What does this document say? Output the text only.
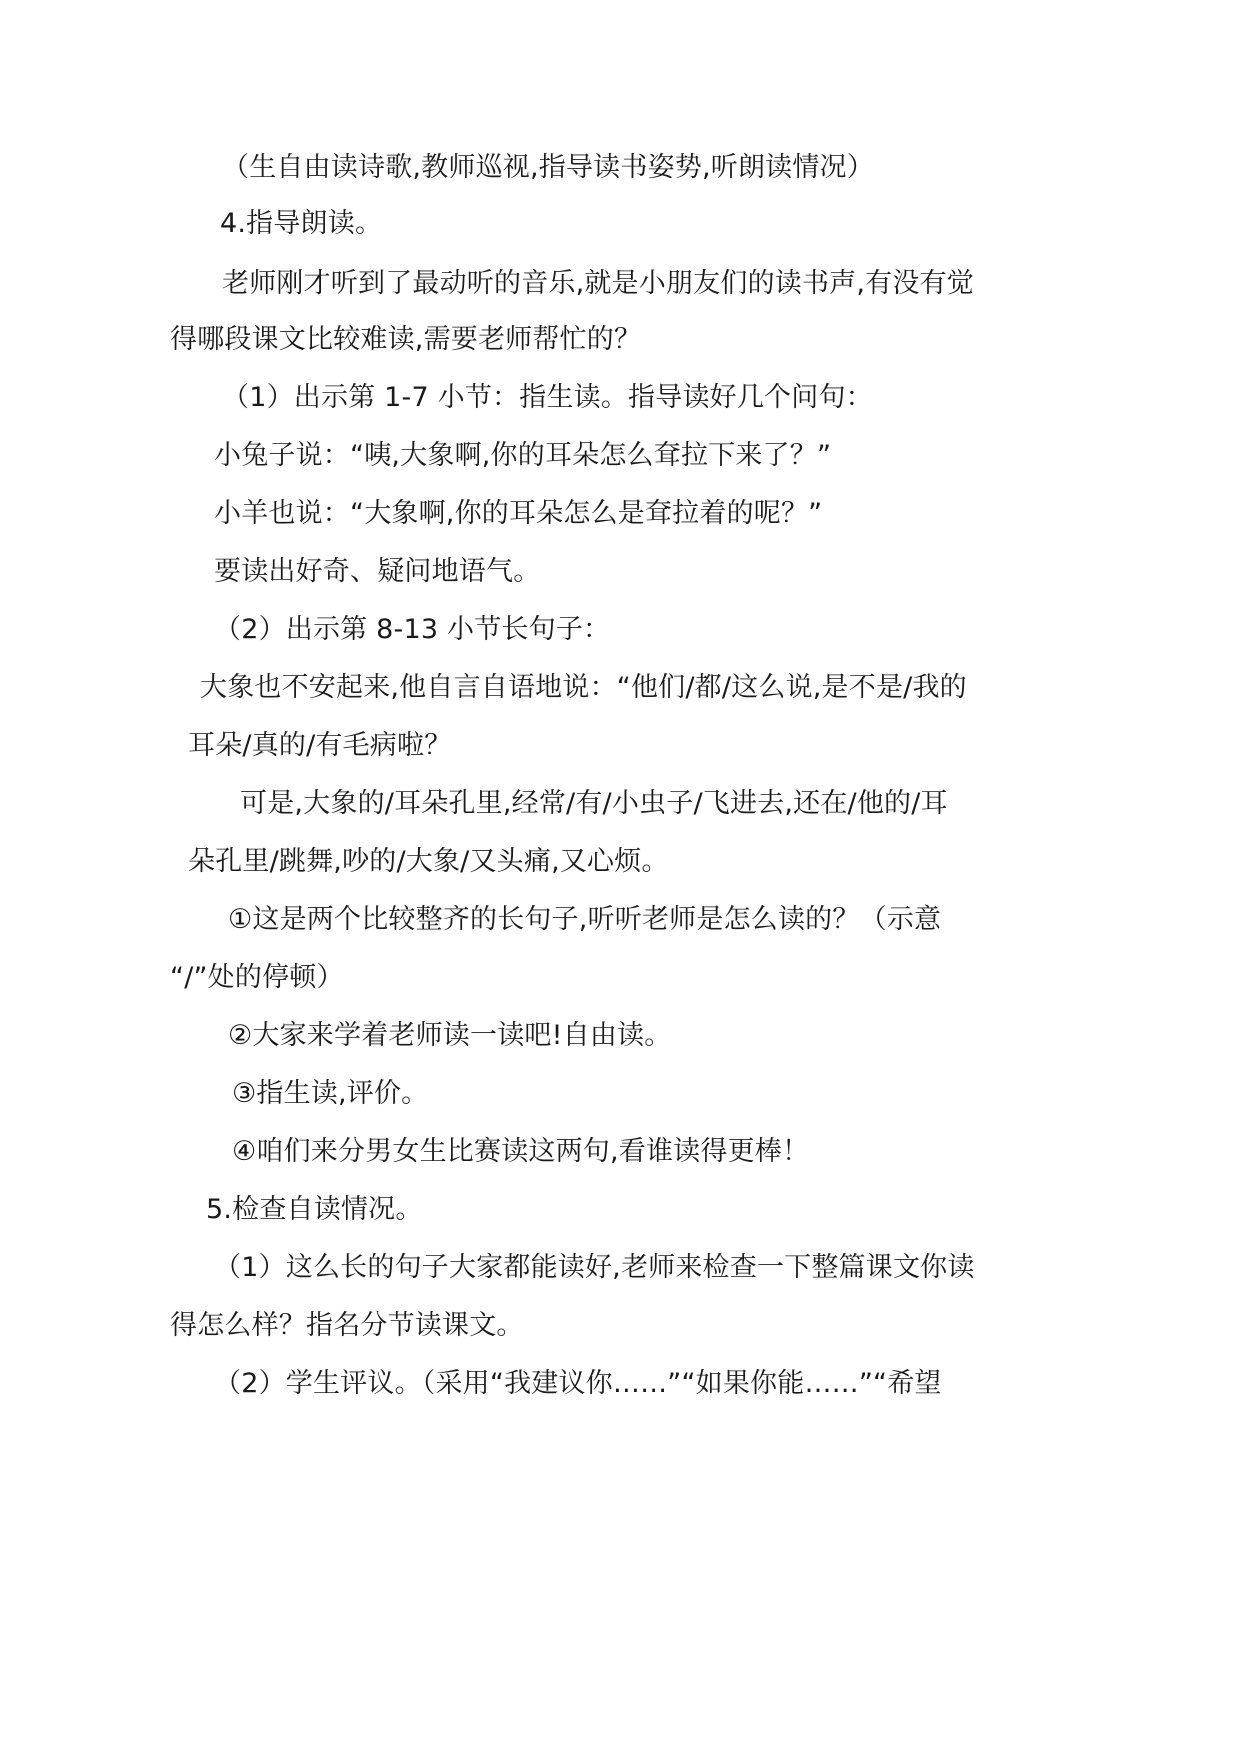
（生自由读诗歌,教师巡视,指导读书姿势,听朗读情况）

4.指导朗读。

老师刚才听到了最动听的音乐,就是小朋友们的读书声,有没有觉

得哪段课文比较难读,需要老师帮忙的？

（1）出示第 1-7 小节：指生读。指导读好几个问句：

小兔子说：“咦,大象啊,你的耳朵怎么耷拉下来了？”

小羊也说：“大象啊,你的耳朵怎么是耷拉着的呢？”

要读出好奇、疑问地语气。

（2）出示第 8-13 小节长句子：

大象也不安起来,他自言自语地说：“他们/都/这么说,是不是/我的

耳朵/真的/有毛病啦？

可是,大象的/耳朵孔里,经常/有/小虫子/飞进去,还在/他的/耳

朵孔里/跳舞,吵的/大象/又头痛,又心烦。

①这是两个比较整齐的长句子,听听老师是怎么读的？（示意

“/”处的停顿）

②大家来学着老师读一读吧!自由读。

③指生读,评价。

④咱们来分男女生比赛读这两句,看谁读得更棒！

5.检查自读情况。

（1）这么长的句子大家都能读好,老师来检查一下整篇课文你读

得怎么样？指名分节读课文。

（2）学生评议。（采用“我建议你……”“如果你能……”“希望
